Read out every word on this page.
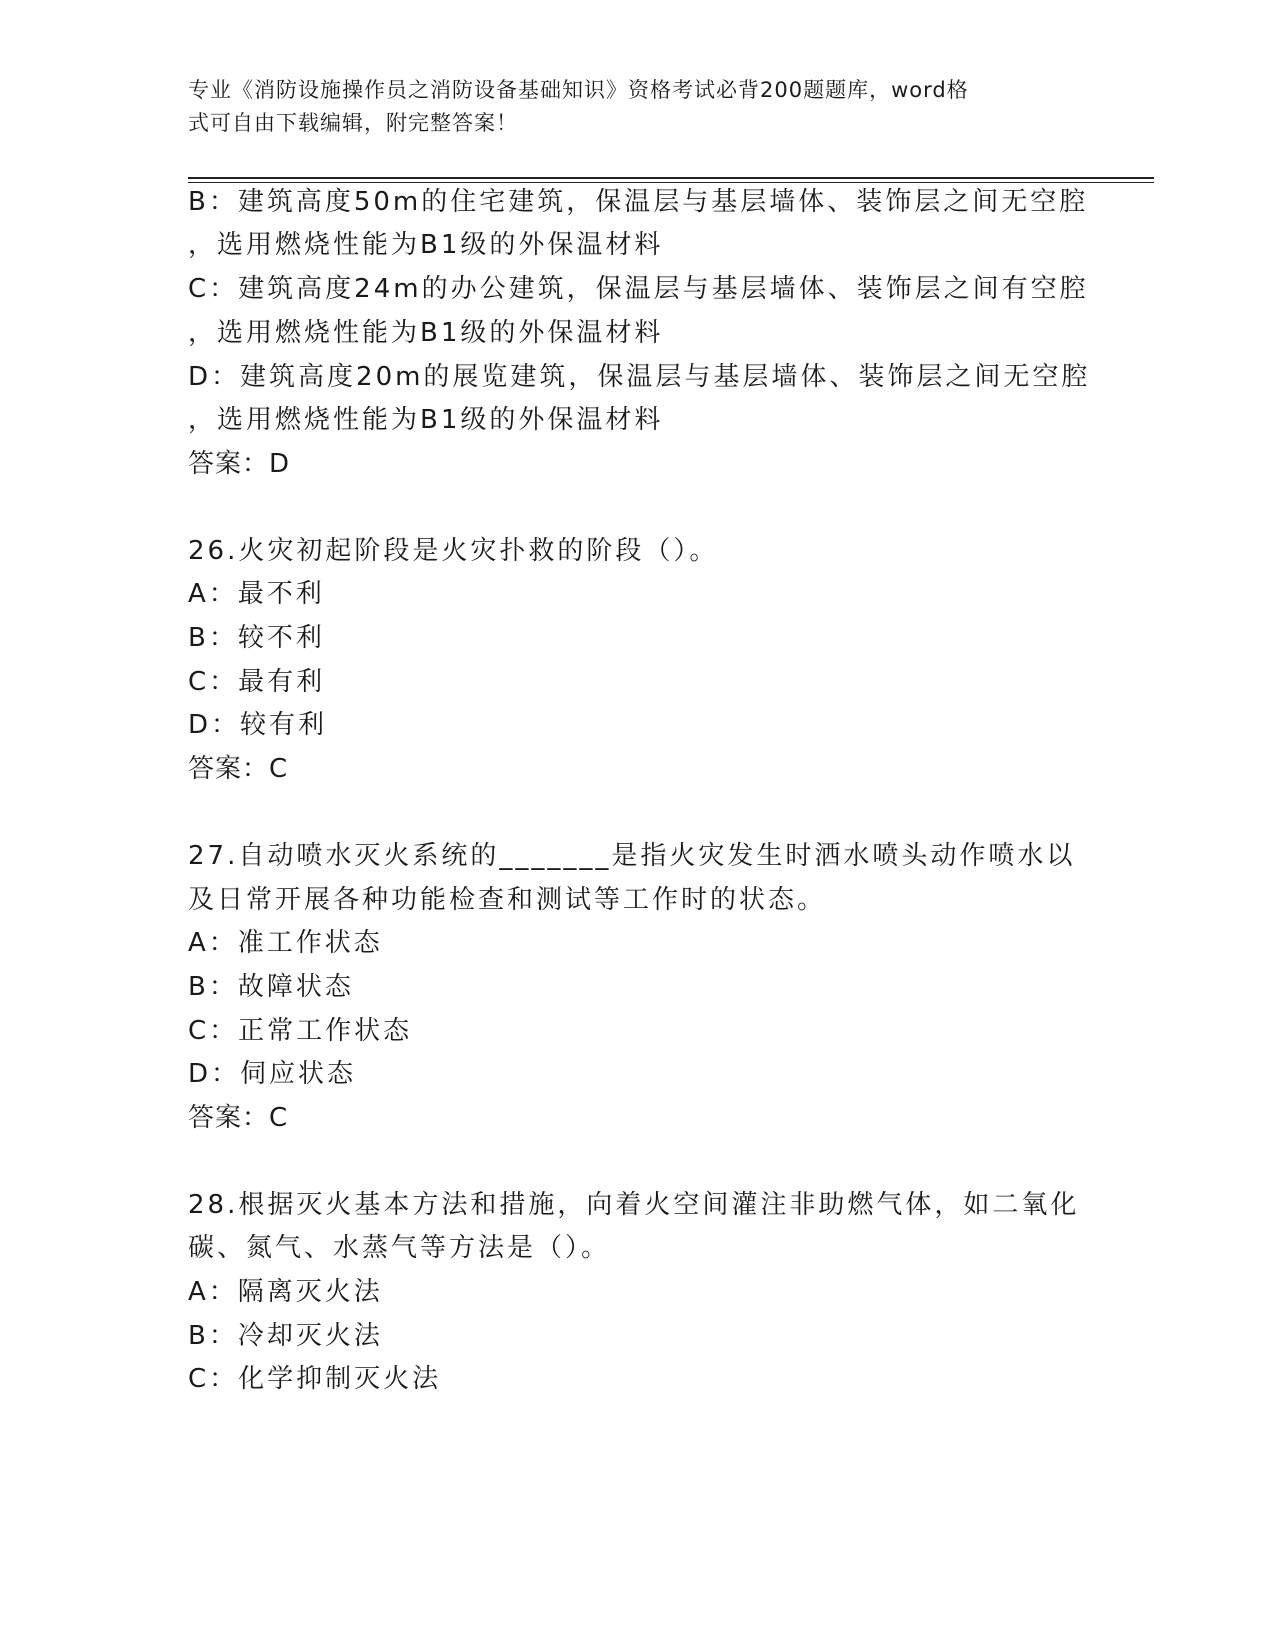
专业《消防设施操作员之消防设备基础知识》资格考试必背200题题库，word格
式可自由下载编辑，附完整答案！
B：建筑高度50m的住宅建筑，保温层与基层墙体、装饰层之间无空腔
，选用燃烧性能为B1级的外保温材料
C：建筑高度24m的办公建筑，保温层与基层墙体、装饰层之间有空腔
，选用燃烧性能为B1级的外保温材料
D：建筑高度20m的展览建筑，保温层与基层墙体、装饰层之间无空腔
，选用燃烧性能为B1级的外保温材料
答案：D
26.火灾初起阶段是火灾扑救的阶段（）。
A：最不利
B：较不利
C：最有利
D：较有利
答案：C
27.自动喷水灭火系统的_______是指火灾发生时洒水喷头动作喷水以
及日常开展各种功能检查和测试等工作时的状态。
A：准工作状态
B：故障状态
C：正常工作状态
D：伺应状态
答案：C
28.根据灭火基本方法和措施，向着火空间灌注非助燃气体，如二氧化
碳、氮气、水蒸气等方法是（）。
A：隔离灭火法
B：冷却灭火法
C：化学抑制灭火法
